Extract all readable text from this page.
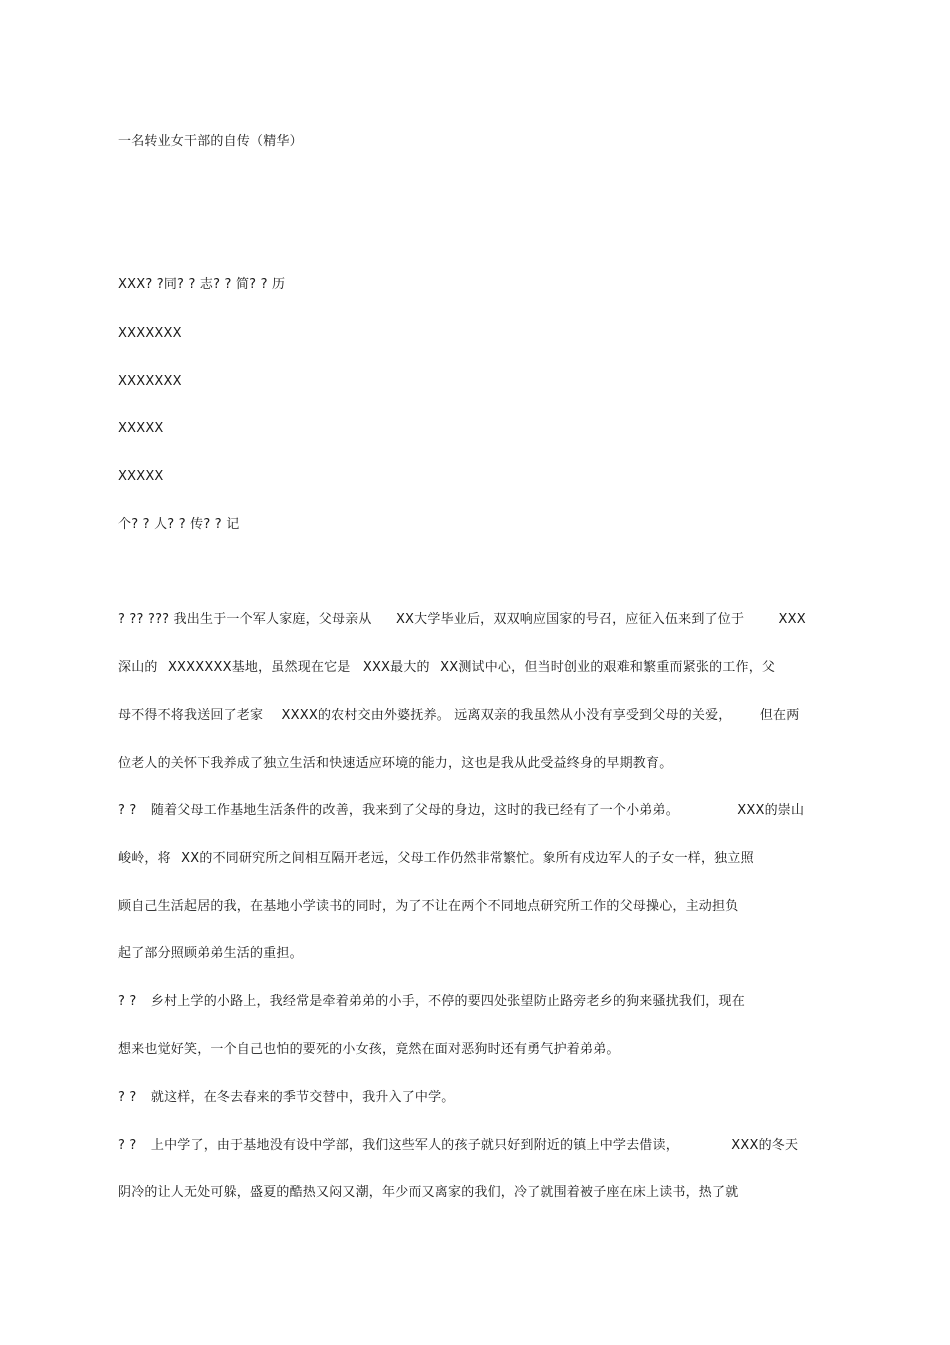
一名转业女干部的自传（精华）
XXX? ?同? ? 志? ? 简? ? 历
XXXXXXX
XXXXXXX
XXXXX
XXXXX
个? ? 人? ? 传? ? 记
? ?? ??? 我出生于一个军人家庭，父母亲从 XX大学毕业后，双双响应国家的号召，应征入伍来到了位于	XXX
深山的 XXXXXXX基地，虽然现在它是 XXX最大的 XX测试中心，但当时创业的艰难和繁重而紧张的工作，父
母不得不将我送回了老家 XXXX的农村交由外婆抚养。 远离双亲的我虽然从小没有享受到父母的关爱， 但在两
位老人的关怀下我养成了独立生活和快速适应环境的能力，这也是我从此受益终身的早期教育。
? ? 随着父母工作基地生活条件的改善，我来到了父母的身边，这时的我已经有了一个小弟弟。	XXX的崇山
峻岭，将 XX的不同研究所之间相互隔开老远，父母工作仍然非常繁忙。象所有戍边军人的子女一样，独立照
顾自己生活起居的我，在基地小学读书的同时，为了不让在两个不同地点研究所工作的父母操心，主动担负
起了部分照顾弟弟生活的重担。
? ? 乡村上学的小路上，我经常是牵着弟弟的小手，不停的要四处张望防止路旁老乡的狗来骚扰我们，现在
想来也觉好笑，一个自己也怕的要死的小女孩，竟然在面对恶狗时还有勇气护着弟弟。
? ? 就这样，在冬去春来的季节交替中，我升入了中学。
? ? 上中学了，由于基地没有设中学部，我们这些军人的孩子就只好到附近的镇上中学去借读，	XXX的冬天
阴冷的让人无处可躲，盛夏的酷热又闷又潮，年少而又离家的我们，冷了就围着被子座在床上读书，热了就
